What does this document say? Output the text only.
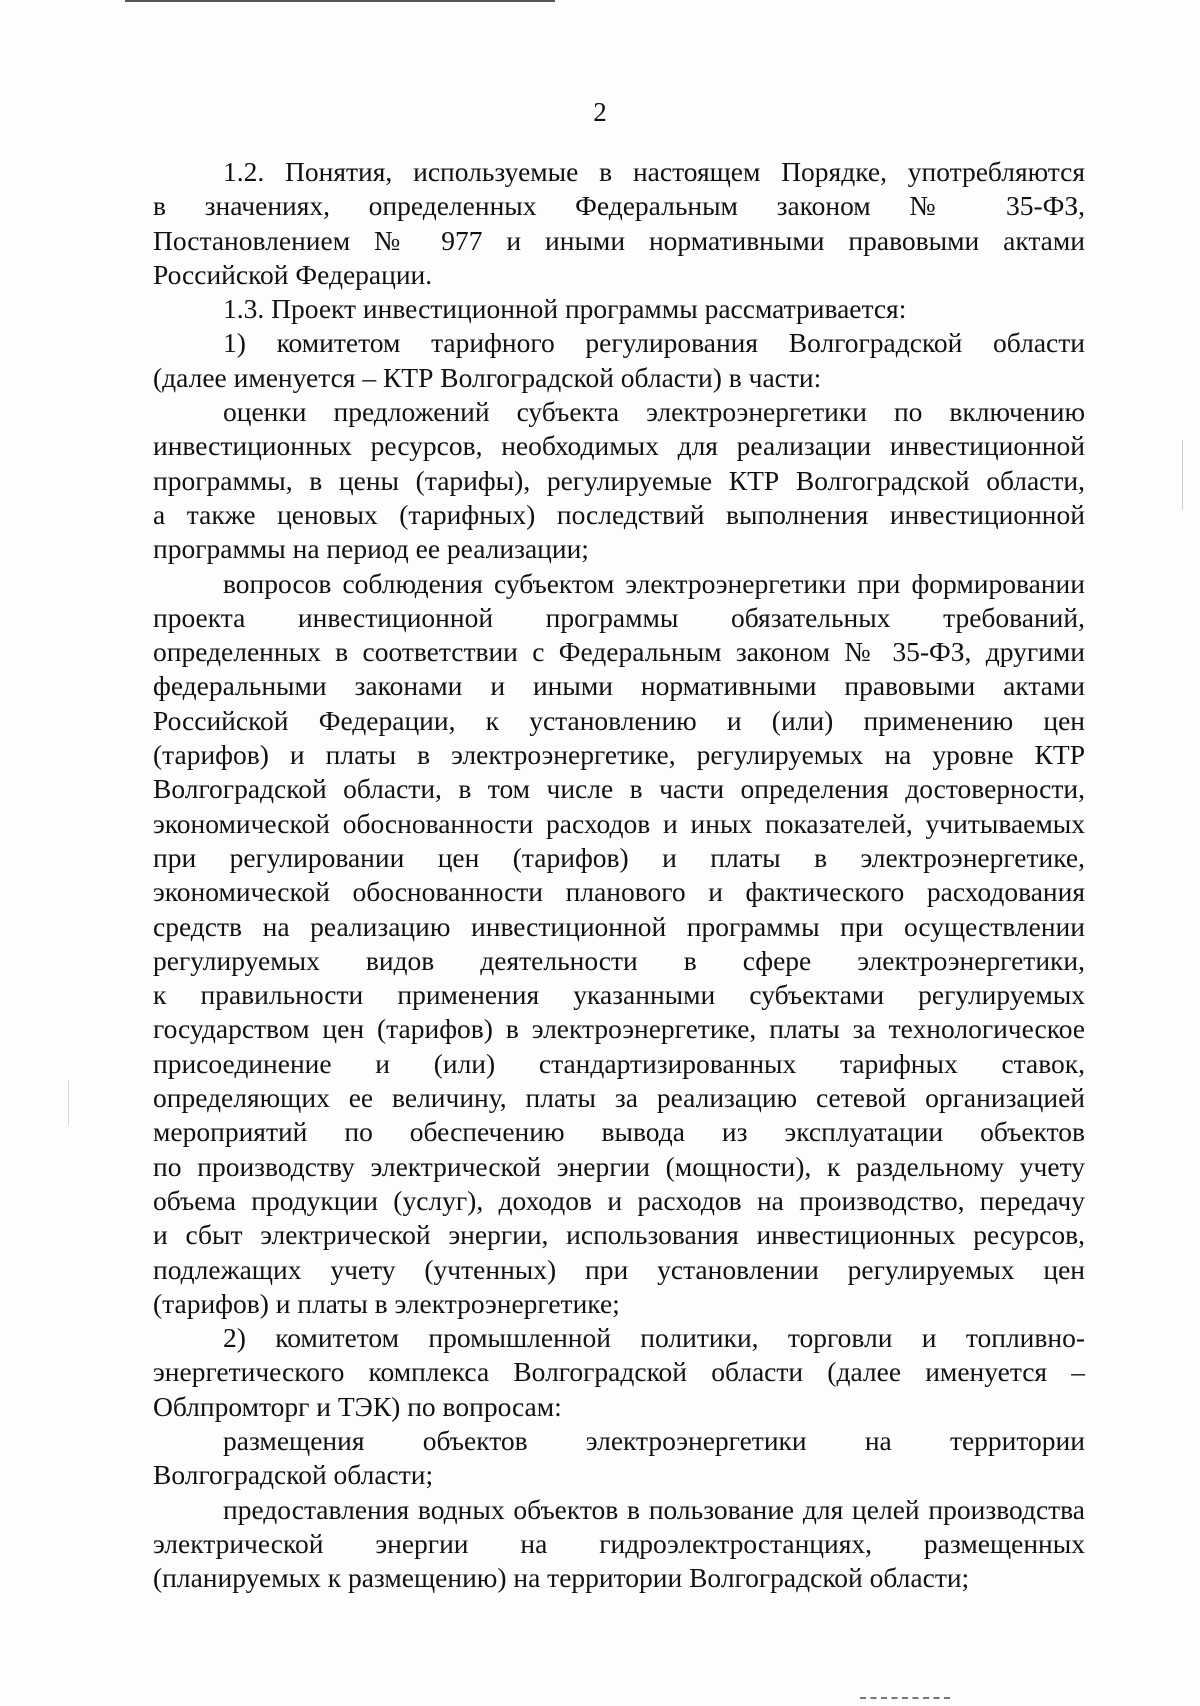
2
1.2. Понятия, используемые в настоящем Порядке, употребляются
в значениях, определенных Федеральным законом № 35-ФЗ,
Постановлением № 977 и иными нормативными правовыми актами
Российской Федерации.
1.3. Проект инвестиционной программы рассматривается:
1) комитетом тарифного регулирования Волгоградской области
(далее именуется – КТР Волгоградской области) в части:
оценки предложений субъекта электроэнергетики по включению
инвестиционных ресурсов, необходимых для реализации инвестиционной
программы, в цены (тарифы), регулируемые КТР Волгоградской области,
а также ценовых (тарифных) последствий выполнения инвестиционной
программы на период ее реализации;
вопросов соблюдения субъектом электроэнергетики при формировании
проекта инвестиционной программы обязательных требований,
определенных в соответствии с Федеральным законом № 35-ФЗ, другими
федеральными законами и иными нормативными правовыми актами
Российской Федерации, к установлению и (или) применению цен
(тарифов) и платы в электроэнергетике, регулируемых на уровне КТР
Волгоградской области, в том числе в части определения достоверности,
экономической обоснованности расходов и иных показателей, учитываемых
при регулировании цен (тарифов) и платы в электроэнергетике,
экономической обоснованности планового и фактического расходования
средств на реализацию инвестиционной программы при осуществлении
регулируемых видов деятельности в сфере электроэнергетики,
к правильности применения указанными субъектами регулируемых
государством цен (тарифов) в электроэнергетике, платы за технологическое
присоединение и (или) стандартизированных тарифных ставок,
определяющих ее величину, платы за реализацию сетевой организацией
мероприятий по обеспечению вывода из эксплуатации объектов
по производству электрической энергии (мощности), к раздельному учету
объема продукции (услуг), доходов и расходов на производство, передачу
и сбыт электрической энергии, использования инвестиционных ресурсов,
подлежащих учету (учтенных) при установлении регулируемых цен
(тарифов) и платы в электроэнергетике;
2) комитетом промышленной политики, торговли и топливно-
энергетического комплекса Волгоградской области (далее именуется –
Облпромторг и ТЭК) по вопросам:
размещения объектов электроэнергетики на территории
Волгоградской области;
предоставления водных объектов в пользование для целей производства
электрической энергии на гидроэлектростанциях, размещенных
(планируемых к размещению) на территории Волгоградской области;
